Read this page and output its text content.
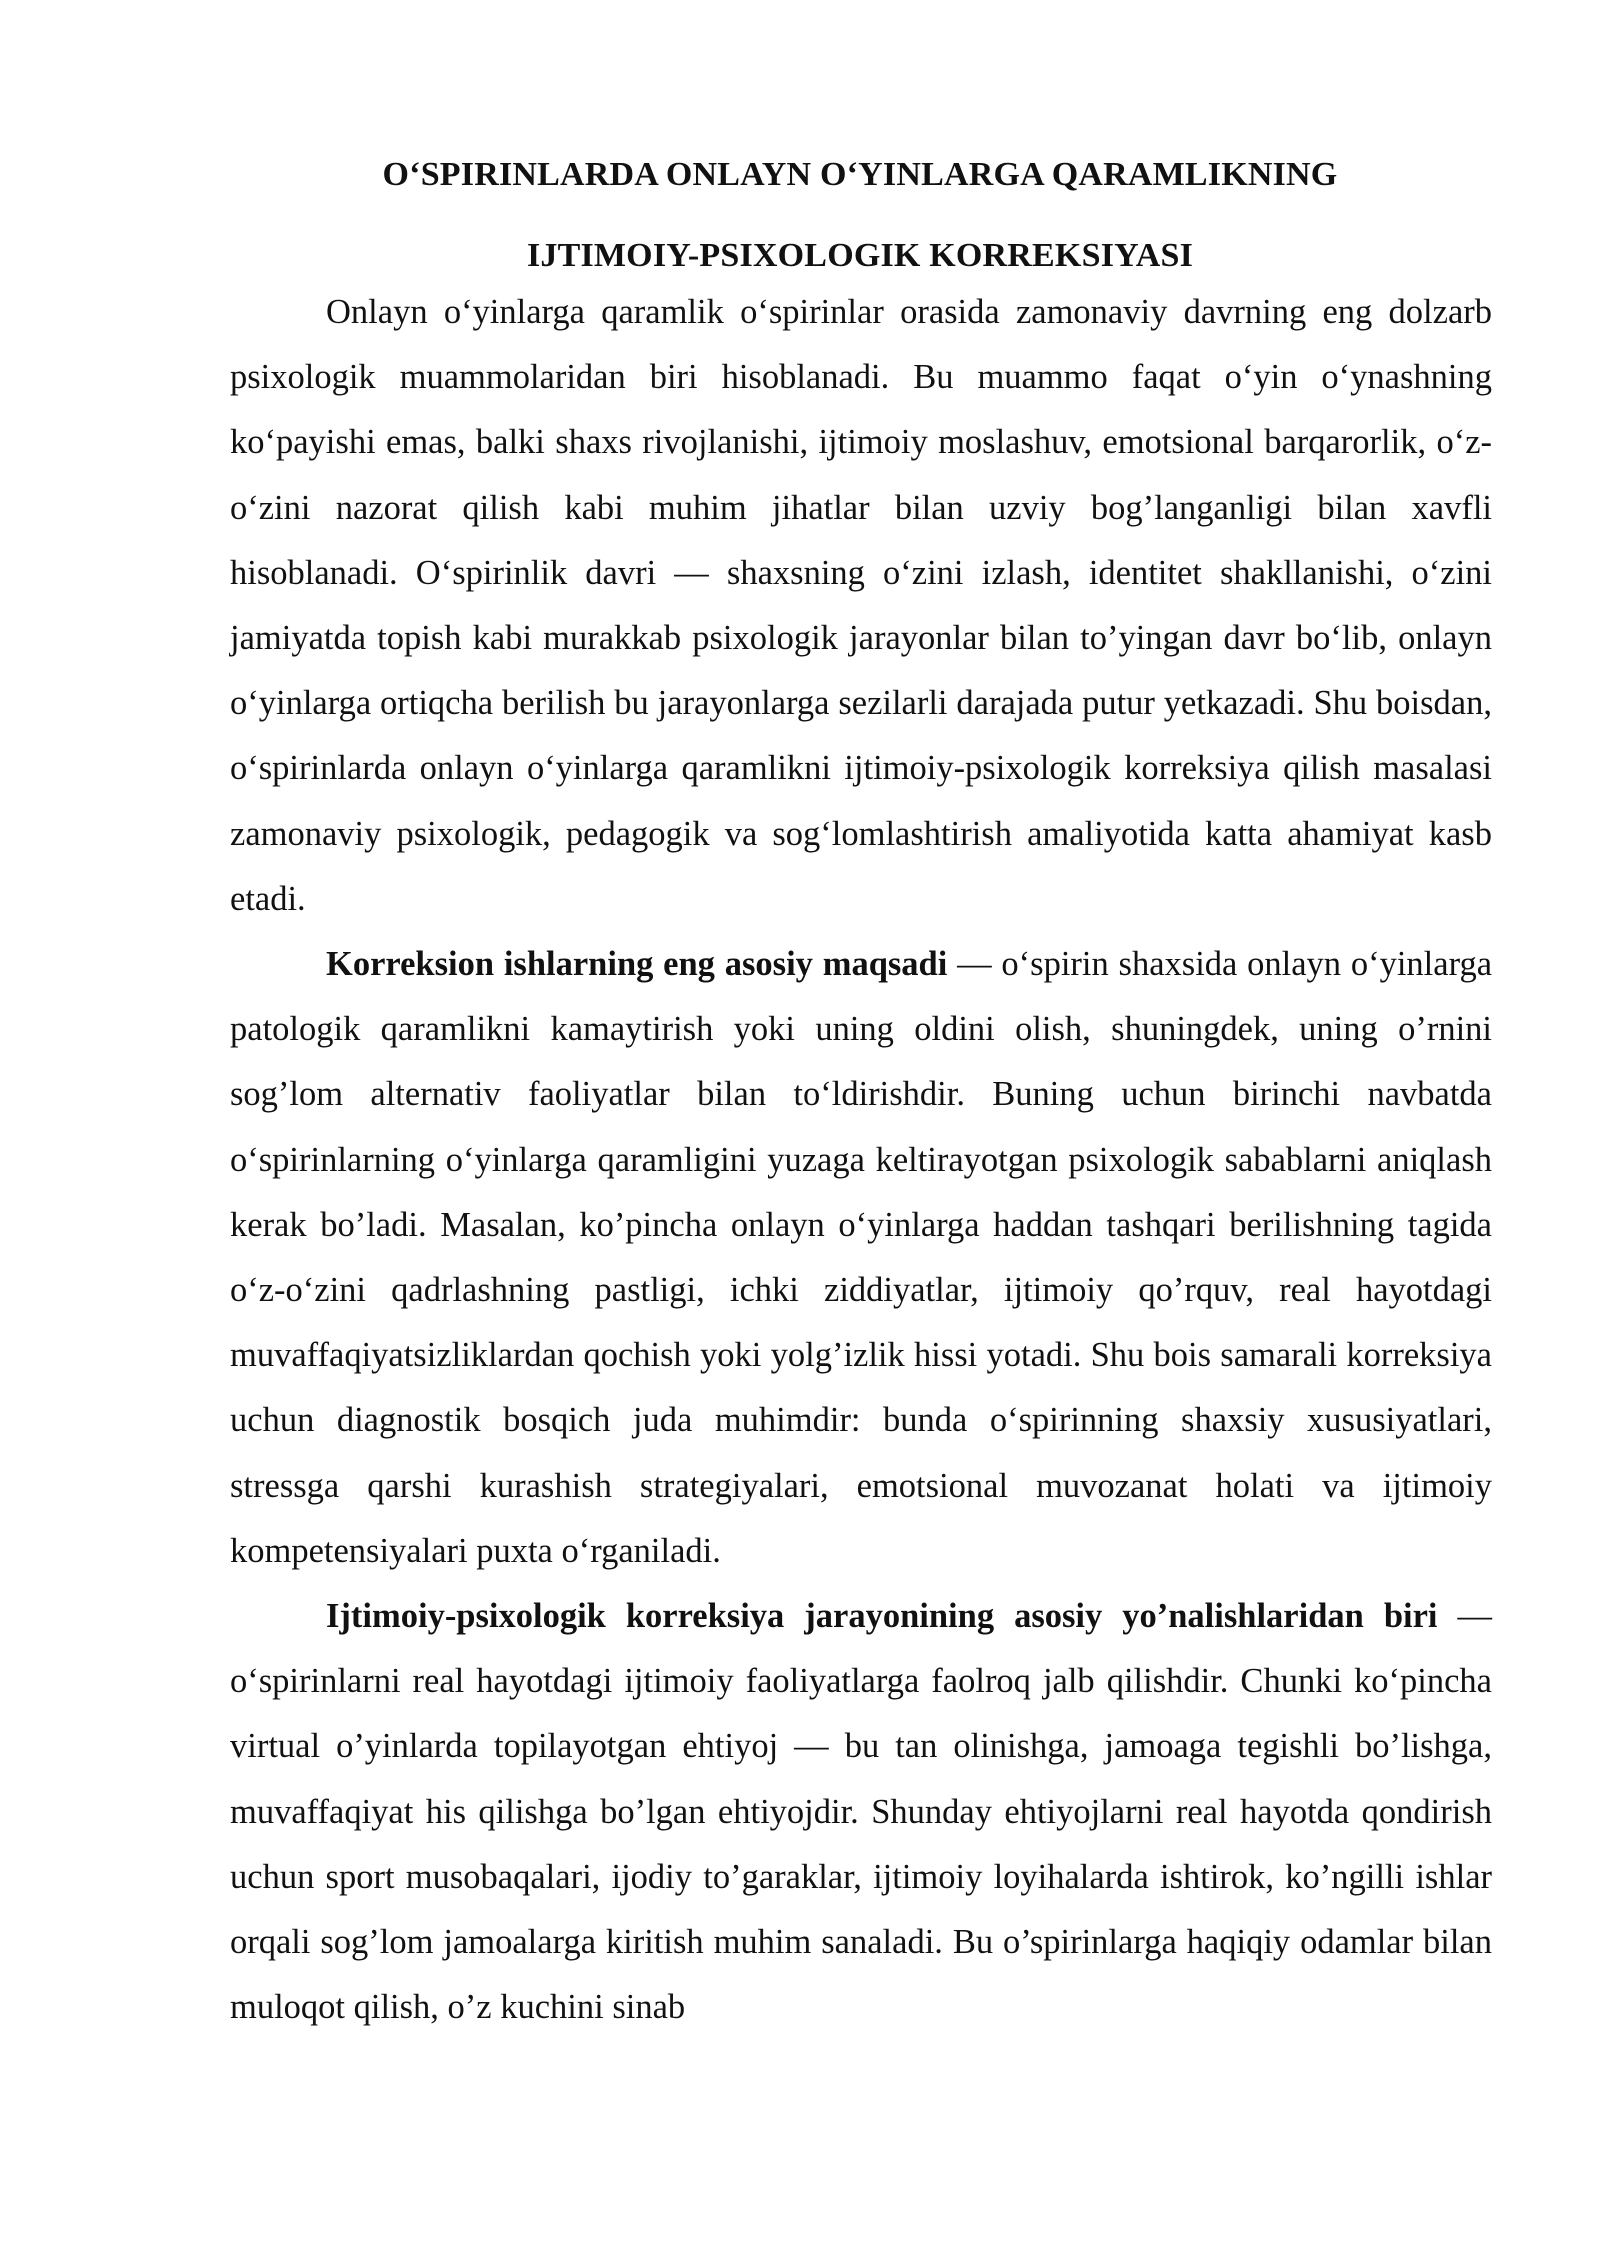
O‘SPIRINLARDA ONLAYN O‘YINLARGA QARAMLIKNING
IJTIMOIY-PSIXOLOGIK KORREKSIYASI

Onlayn o‘yinlarga qaramlik o‘spirinlar orasida zamonaviy davrning eng dolzarb psixologik muammolaridan biri hisoblanadi. Bu muammo faqat o‘yin o‘ynashning ko‘payishi emas, balki shaxs rivojlanishi, ijtimoiy moslashuv, emotsional barqarorlik, o‘z-o‘zini nazorat qilish kabi muhim jihatlar bilan uzviy bog’langanligi bilan xavfli hisoblanadi. O‘spirinlik davri — shaxsning o‘zini izlash, identitet shakllanishi, o‘zini jamiyatda topish kabi murakkab psixologik jarayonlar bilan to’yingan davr bo‘lib, onlayn o‘yinlarga ortiqcha berilish bu jarayonlarga sezilarli darajada putur yetkazadi. Shu boisdan, o‘spirinlarda onlayn o‘yinlarga qaramlikni ijtimoiy-psixologik korreksiya qilish masalasi zamonaviy psixologik, pedagogik va sog‘lomlashtirish amaliyotida katta ahamiyat kasb etadi.

Korreksion ishlarning eng asosiy maqsadi — o‘spirin shaxsida onlayn o‘yinlarga patologik qaramlikni kamaytirish yoki uning oldini olish, shuningdek, uning o’rnini sog’lom alternativ faoliyatlar bilan to‘ldirishdir. Buning uchun birinchi navbatda o‘spirinlarning o‘yinlarga qaramligini yuzaga keltirayotgan psixologik sabablarni aniqlash kerak bo’ladi. Masalan, ko’pincha onlayn o‘yinlarga haddan tashqari berilishning tagida o‘z-o‘zini qadrlashning pastligi, ichki ziddiyatlar, ijtimoiy qo’rquv, real hayotdagi muvaffaqiyatsizliklardan qochish yoki yolg’izlik hissi yotadi. Shu bois samarali korreksiya uchun diagnostik bosqich juda muhimdir: bunda o‘spirinning shaxsiy xususiyatlari, stressga qarshi kurashish strategiyalari, emotsional muvozanat holati va ijtimoiy kompetensiyalari puxta o‘rganiladi.

Ijtimoiy-psixologik korreksiya jarayonining asosiy yo’nalishlaridan biri — o‘spirinlarni real hayotdagi ijtimoiy faoliyatlarga faolroq jalb qilishdir. Chunki ko‘pincha virtual o’yinlarda topilayotgan ehtiyoj — bu tan olinishga, jamoaga tegishli bo’lishga, muvaffaqiyat his qilishga bo’lgan ehtiyojdir. Shunday ehtiyojlarni real hayotda qondirish uchun sport musobaqalari, ijodiy to’garaklar, ijtimoiy loyihalarda ishtirok, ko’ngilli ishlar orqali sog’lom jamoalarga kiritish muhim sanaladi. Bu o’spirinlarga haqiqiy odamlar bilan muloqot qilish, o’z kuchini sinab
